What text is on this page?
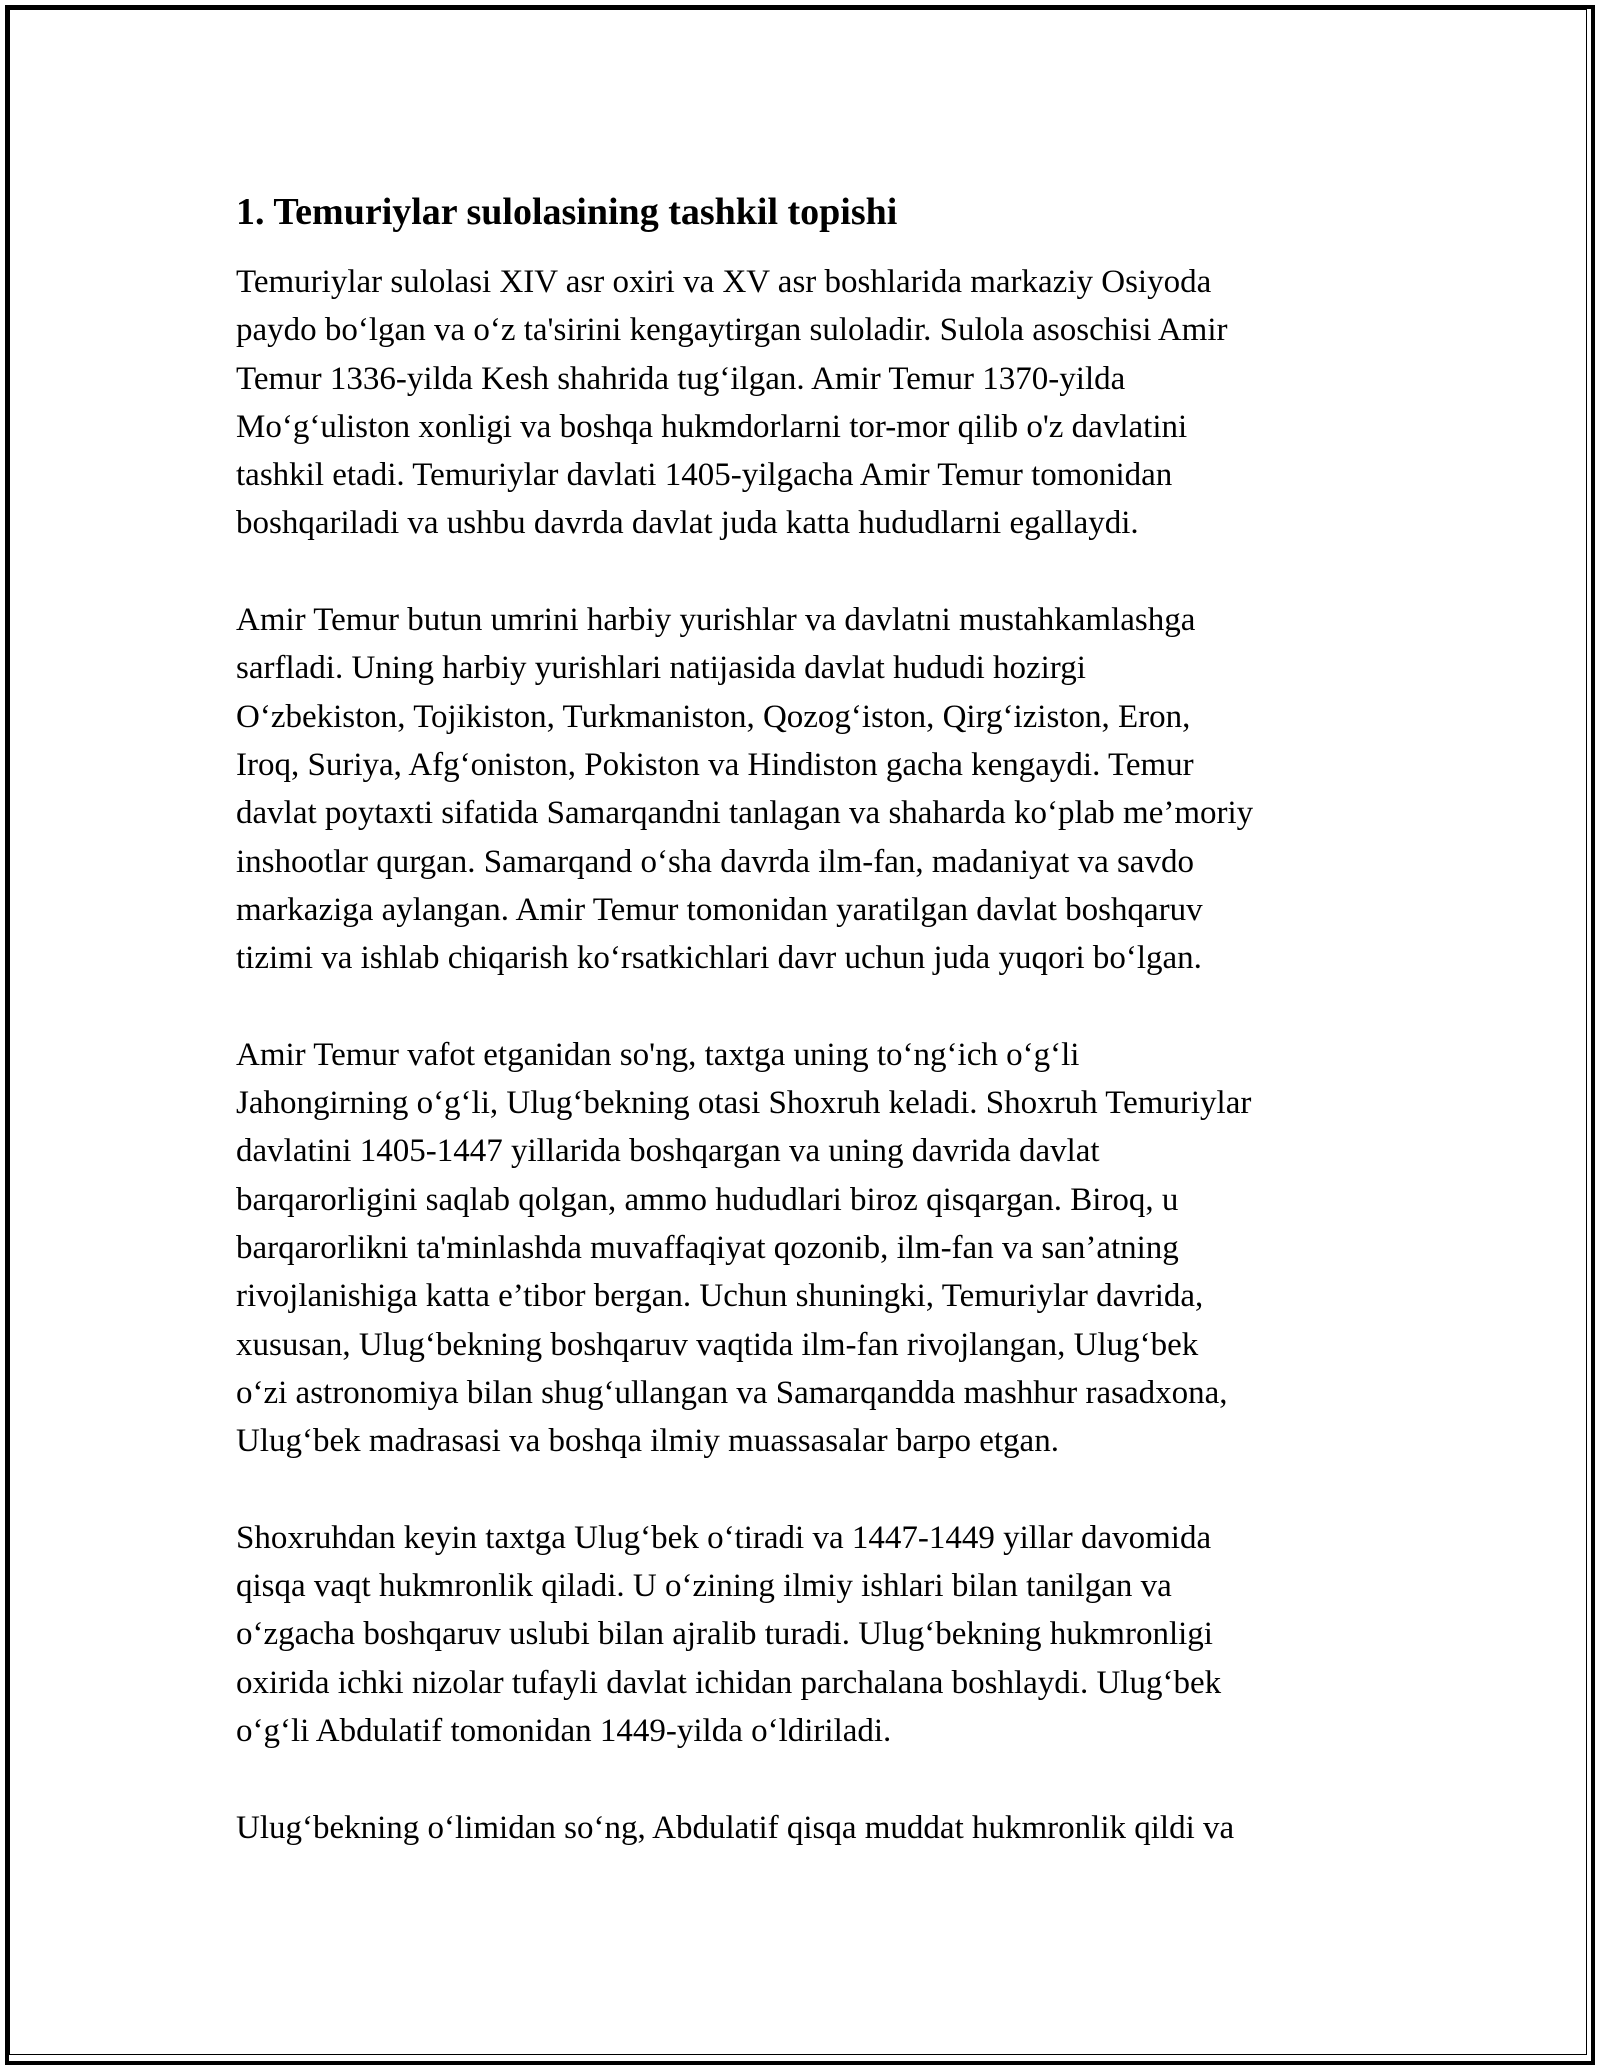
1. Temuriylar sulolasining tashkil topishi

Temuriylar sulolasi XIV asr oxiri va XV asr boshlarida markaziy Osiyoda
paydo bo‘lgan va o‘z ta'sirini kengaytirgan suloladir. Sulola asoschisi Amir
Temur 1336-yilda Kesh shahrida tug‘ilgan. Amir Temur 1370-yilda
Mo‘g‘uliston xonligi va boshqa hukmdorlarni tor-mor qilib o'z davlatini
tashkil etadi. Temuriylar davlati 1405-yilgacha Amir Temur tomonidan
boshqariladi va ushbu davrda davlat juda katta hududlarni egallaydi.

Amir Temur butun umrini harbiy yurishlar va davlatni mustahkamlashga
sarfladi. Uning harbiy yurishlari natijasida davlat hududi hozirgi
O‘zbekiston, Tojikiston, Turkmaniston, Qozog‘iston, Qirg‘iziston, Eron,
Iroq, Suriya, Afg‘oniston, Pokiston va Hindiston gacha kengaydi. Temur
davlat poytaxti sifatida Samarqandni tanlagan va shaharda ko‘plab me’moriy
inshootlar qurgan. Samarqand o‘sha davrda ilm-fan, madaniyat va savdo
markaziga aylangan. Amir Temur tomonidan yaratilgan davlat boshqaruv
tizimi va ishlab chiqarish ko‘rsatkichlari davr uchun juda yuqori bo‘lgan.

Amir Temur vafot etganidan so'ng, taxtga uning to‘ng‘ich o‘g‘li
Jahongirning o‘g‘li, Ulug‘bekning otasi Shoxruh keladi. Shoxruh Temuriylar
davlatini 1405-1447 yillarida boshqargan va uning davrida davlat
barqarorligini saqlab qolgan, ammo hududlari biroz qisqargan. Biroq, u
barqarorlikni ta'minlashda muvaffaqiyat qozonib, ilm-fan va san’atning
rivojlanishiga katta e’tibor bergan. Uchun shuningki, Temuriylar davrida,
xususan, Ulug‘bekning boshqaruv vaqtida ilm-fan rivojlangan, Ulug‘bek
o‘zi astronomiya bilan shug‘ullangan va Samarqandda mashhur rasadxona,
Ulug‘bek madrasasi va boshqa ilmiy muassasalar barpo etgan.

Shoxruhdan keyin taxtga Ulug‘bek o‘tiradi va 1447-1449 yillar davomida
qisqa vaqt hukmronlik qiladi. U o‘zining ilmiy ishlari bilan tanilgan va
o‘zgacha boshqaruv uslubi bilan ajralib turadi. Ulug‘bekning hukmronligi
oxirida ichki nizolar tufayli davlat ichidan parchalana boshlaydi. Ulug‘bek
o‘g‘li Abdulatif tomonidan 1449-yilda o‘ldiriladi.

Ulug‘bekning o‘limidan so‘ng, Abdulatif qisqa muddat hukmronlik qildi va
